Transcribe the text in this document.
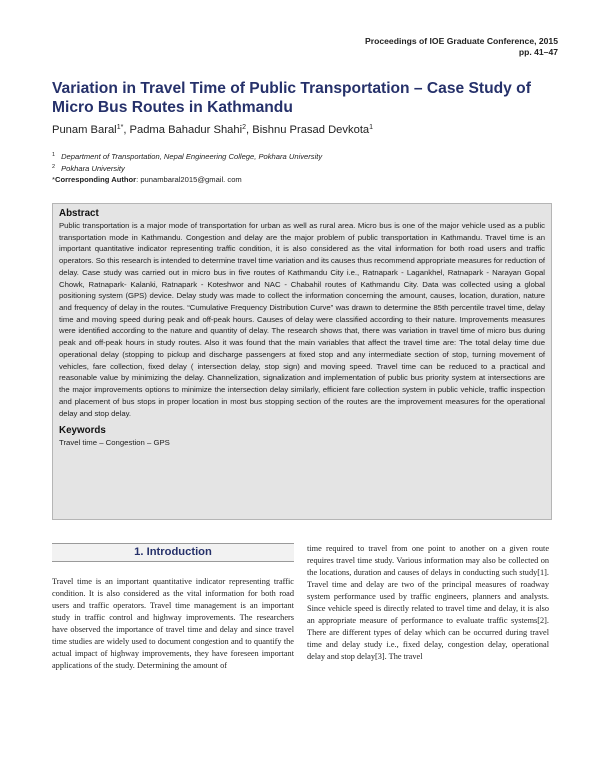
Proceedings of IOE Graduate Conference, 2015
pp. 41–47
Variation in Travel Time of Public Transportation – Case Study of Micro Bus Routes in Kathmandu
Punam Baral$^{1*}$, Padma Bahadur Shahi$^2$, Bishnu Prasad Devkota$^1$
$^1$ Department of Transportation, Nepal Engineering College, Pokhara University
$^2$ Pokhara University
*Corresponding Author: punambaral2015@gmail. com
Abstract

Public transportation is a major mode of transportation for urban as well as rural area. Micro bus is one of the major vehicle used as a public transportation mode in Kathmandu. Congestion and delay are the major problem of public transportation in Kathmandu. Travel time is an important quantitative indicator representing traffic condition, it is also considered as the vital information for both road users and traffic operators. So this research is intended to determine travel time variation and its causes thus recommend appropriate measures for reduction of delay. Case study was carried out in micro bus in five routes of Kathmandu City i.e., Ratnapark - Lagankhel, Ratnapark - Narayan Gopal Chowk, Ratnapark- Kalanki, Ratnapark - Koteshwor and NAC - Chabahil routes of Kathmandu City. Data was collected using a global positioning system (GPS) device. Delay study was made to collect the information concerning the amount, causes, location, duration, nature and frequency of delay in the routes. “Cumulative Frequency Distribution Curve” was drawn to determine the 85th percentile travel time, delay time and moving speed during peak and off-peak hours. Causes of delay were classified according to their nature. Improvements measures were identified according to the nature and quantity of delay. The research shows that, there was variation in travel time of micro bus during peak and off-peak hours in study routes. Also it was found that the main variables that affect the travel time are: The total delay time due operational delay (stopping to pickup and discharge passengers at fixed stop and any intermediate section of stop, turning movement of vehicles, fare collection, fixed delay ( intersection delay, stop sign) and moving speed. Travel time can be reduced to a practical and reasonable value by minimizing the delay. Channelization, signalization and implementation of public bus priority system at intersections are the major improvements options to minimize the intersection delay similarly, efficient fare collection system in public vehicle, traffic inspection and placement of bus stops in proper location in most bus stopping section of the routes are the improvement measures for the operational delay and stop delay.

Keywords
Travel time – Congestion – GPS
1. Introduction

Travel time is an important quantitative indicator representing traffic condition. It is also considered as the vital information for both road users and traffic operators. Travel time management is an important study in traffic control and highway improvements. The researchers have observed the importance of travel time and delay and since travel time studies are widely used to document congestion and to quantify the actual impact of highway improvements, they have foreseen important applications of the study. Determining the amount of

time required to travel from one point to another on a given route requires travel time study. Various information may also be collected on the locations, duration and causes of delays in conducting such study[1]. Travel time and delay are two of the principal measures of roadway system performance used by traffic engineers, planners and analysts. Since vehicle speed is directly related to travel time and delay, it is also an appropriate measure of performance to evaluate traffic systems[2]. There are different types of delay which can be occurred during travel time and delay study i.e., fixed delay, congestion delay, operational delay and stop delay[3]. The travel
